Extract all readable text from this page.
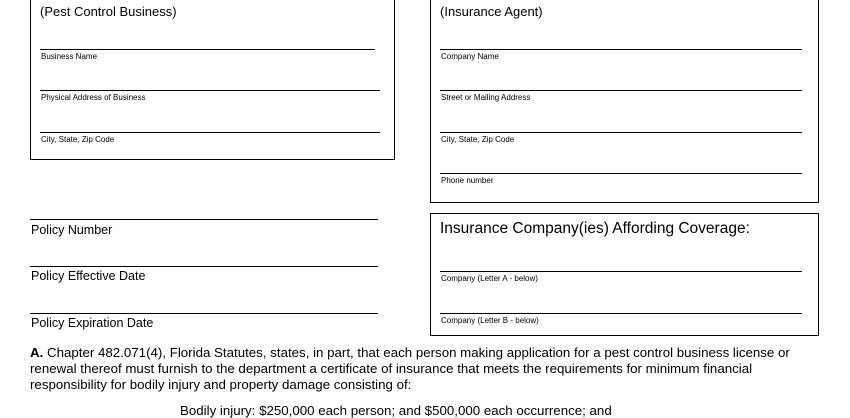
(Pest Control Business)
Business Name
Physical Address of Business
City, State, Zip Code
(Insurance Agent)
Company Name
Street or Mailing Address
City, State, Zip Code
Phone number
Policy Number
Policy Effective Date
Policy Expiration Date
Insurance Company(ies) Affording Coverage:
Company (Letter A - below)
Company (Letter B - below)
A. Chapter 482.071(4), Florida Statutes, states, in part, that each person making application for a pest control business license or renewal thereof must furnish to the department a certificate of insurance that meets the requirements for minimum financial responsibility for bodily injury and property damage consisting of:
Bodily injury: $250,000 each person; and $500,000 each occurrence; and
